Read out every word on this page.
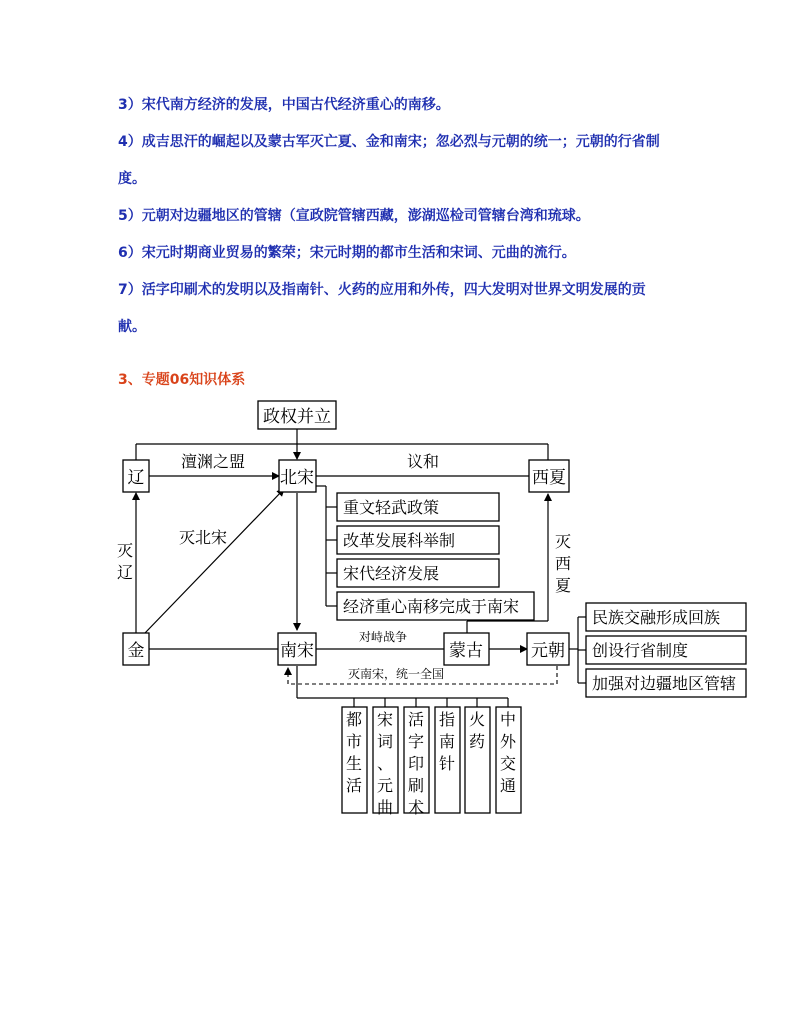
3）宋代南方经济的发展，中国古代经济重心的南移。
4）成吉思汗的崛起以及蒙古军灭亡夏、金和南宋；忽必烈与元朝的统一；元朝的行省制
度。
5）元朝对边疆地区的管辖（宣政院管辖西藏，澎湖巡检司管辖台湾和琉球。
6）宋元时期商业贸易的繁荣；宋元时期的都市生活和宋词、元曲的流行。
7）活字印刷术的发明以及指南针、火药的应用和外传，四大发明对世界文明发展的贡
献。
3、专题06知识体系
政权并立
辽	北宋	西夏
金	南宋	蒙古	元朝
澶渊之盟	议和
灭北宋
对峙战争
灭南宋，统一全国
灭辽
灭西夏
重文轻武政策
改革发展科举制
宋代经济发展
经济重心南移完成于南宋
民族交融形成回族
创设行省制度
加强对边疆地区管辖
都市生活
宋词、元曲
活字印刷术
指南针
火药
中外交通
